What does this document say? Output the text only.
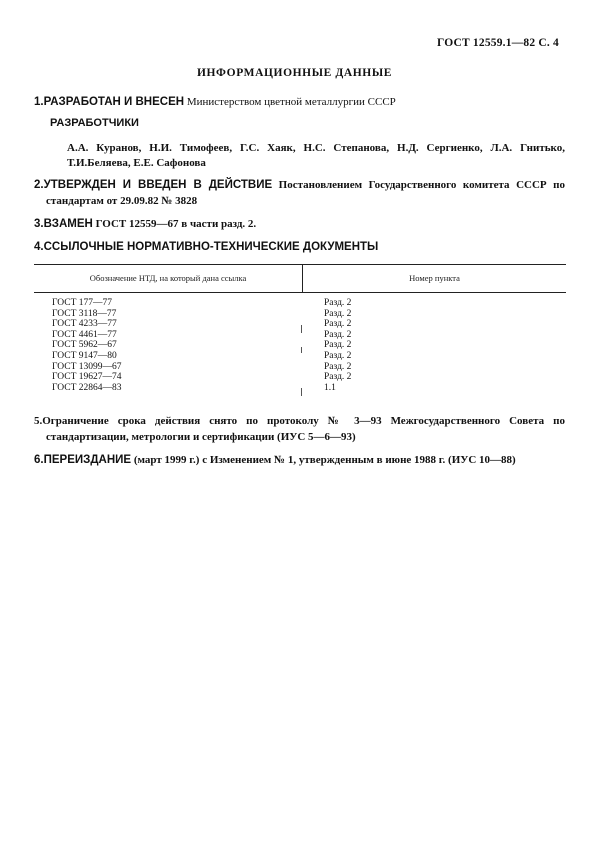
ГОСТ 12559.1—82 С. 4
ИНФОРМАЦИОННЫЕ ДАННЫЕ
1.РАЗРАБОТАН И ВНЕСЕН Министерством цветной металлургии СССР
РАЗРАБОТЧИКИ
А.А. Куранов, Н.И. Тимофеев, Г.С. Хаяк, Н.С. Степанова, Н.Д. Сергиенко, Л.А. Гнитько, Т.И.Беляева, Е.Е. Сафонова
2.УТВЕРЖДЕН И ВВЕДЕН В ДЕЙСТВИЕ Постановлением Государственного комитета СССР по стандартам от 29.09.82 № 3828
3.ВЗАМЕН ГОСТ 12559—67 в части разд. 2.
4.ССЫЛОЧНЫЕ НОРМАТИВНО-ТЕХНИЧЕСКИЕ ДОКУМЕНТЫ
Обозначение НТД, на который дана ссылка	Номер пункта
ГОСТ 177—77
ГОСТ 3118—77
ГОСТ 4233—77
ГОСТ 4461—77
ГОСТ 5962—67
ГОСТ 9147—80
ГОСТ 13099—67
ГОСТ 19627—74
ГОСТ 22864—83
Разд. 2
Разд. 2
Разд. 2
Разд. 2
Разд. 2
Разд. 2
Разд. 2
Разд. 2
1.1
5.Ограничение срока действия снято по протоколу № 3—93 Межгосударственного Совета по стандартизации, метрологии и сертификации (ИУС 5—6—93)
6.ПЕРЕИЗДАНИЕ (март 1999 г.) с Изменением № 1, утвержденным в июне 1988 г. (ИУС 10—88)
